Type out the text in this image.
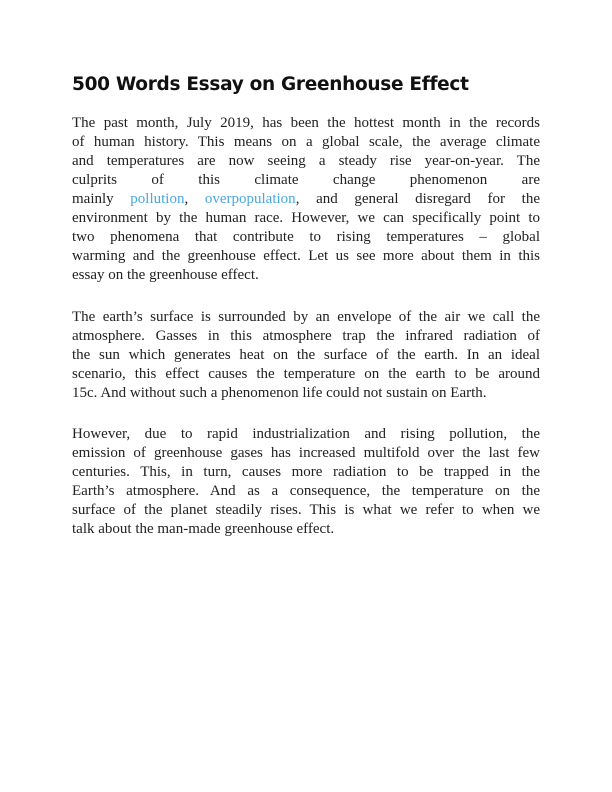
500 Words Essay on Greenhouse Effect
The past month, July 2019, has been the hottest month in the records
of human history. This means on a global scale, the average climate
and temperatures are now seeing a steady rise year-on-year. The
culprits of this climate change phenomenon are
mainly pollution, overpopulation, and general disregard for the
environment by the human race. However, we can specifically point to
two phenomena that contribute to rising temperatures – global
warming and the greenhouse effect. Let us see more about them in this
essay on the greenhouse effect.
The earth’s surface is surrounded by an envelope of the air we call the
atmosphere. Gasses in this atmosphere trap the infrared radiation of
the sun which generates heat on the surface of the earth. In an ideal
scenario, this effect causes the temperature on the earth to be around
15c. And without such a phenomenon life could not sustain on Earth.
However, due to rapid industrialization and rising pollution, the
emission of greenhouse gases has increased multifold over the last few
centuries. This, in turn, causes more radiation to be trapped in the
Earth’s atmosphere. And as a consequence, the temperature on the
surface of the planet steadily rises. This is what we refer to when we
talk about the man-made greenhouse effect.
